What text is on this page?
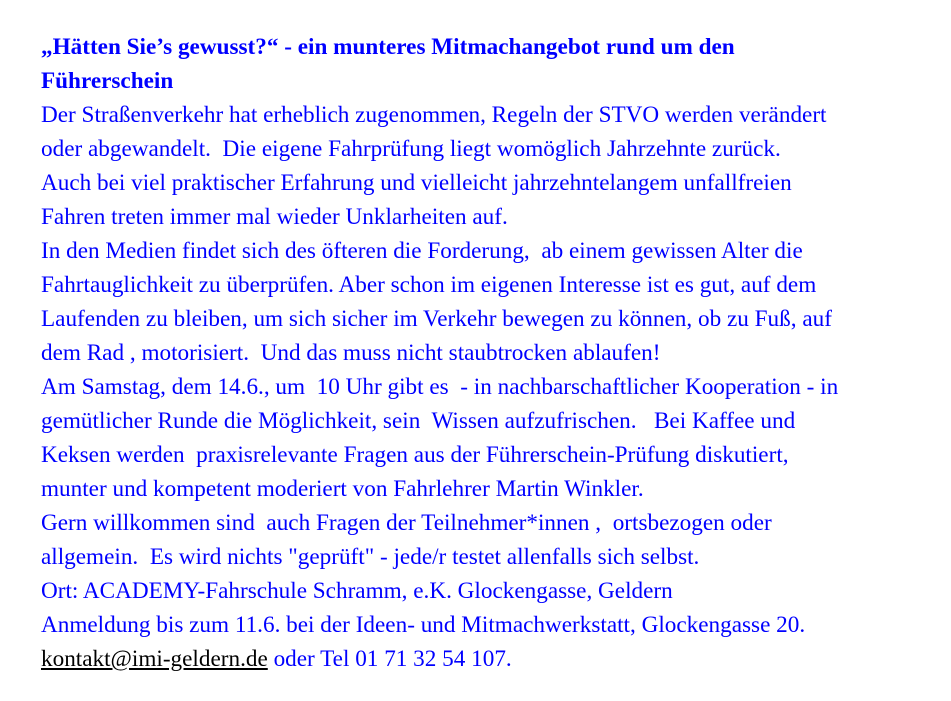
„Hätten Sie’s gewusst?“ - ein munteres Mitmachangebot rund um den
Führerschein
Der Straßenverkehr hat erheblich zugenommen, Regeln der STVO werden verändert
oder abgewandelt.  Die eigene Fahrprüfung liegt womöglich Jahrzehnte zurück.
Auch bei viel praktischer Erfahrung und vielleicht jahrzehntelangem unfallfreien
Fahren treten immer mal wieder Unklarheiten auf.
In den Medien findet sich des öfteren die Forderung,  ab einem gewissen Alter die
Fahrtauglichkeit zu überprüfen. Aber schon im eigenen Interesse ist es gut, auf dem
Laufenden zu bleiben, um sich sicher im Verkehr bewegen zu können, ob zu Fuß, auf
dem Rad , motorisiert.  Und das muss nicht staubtrocken ablaufen!
Am Samstag, dem 14.6., um  10 Uhr gibt es  - in nachbarschaftlicher Kooperation - in
gemütlicher Runde die Möglichkeit, sein  Wissen aufzufrischen.   Bei Kaffee und
Keksen werden  praxisrelevante Fragen aus der Führerschein-Prüfung diskutiert,
munter und kompetent moderiert von Fahrlehrer Martin Winkler.
Gern willkommen sind  auch Fragen der Teilnehmer*innen ,  ortsbezogen oder
allgemein.  Es wird nichts "geprüft" - jede/r testet allenfalls sich selbst.
Ort: ACADEMY-Fahrschule Schramm, e.K. Glockengasse, Geldern
Anmeldung bis zum 11.6. bei der Ideen- und Mitmachwerkstatt, Glockengasse 20.
kontakt@imi-geldern.de oder Tel 01 71 32 54 107.
